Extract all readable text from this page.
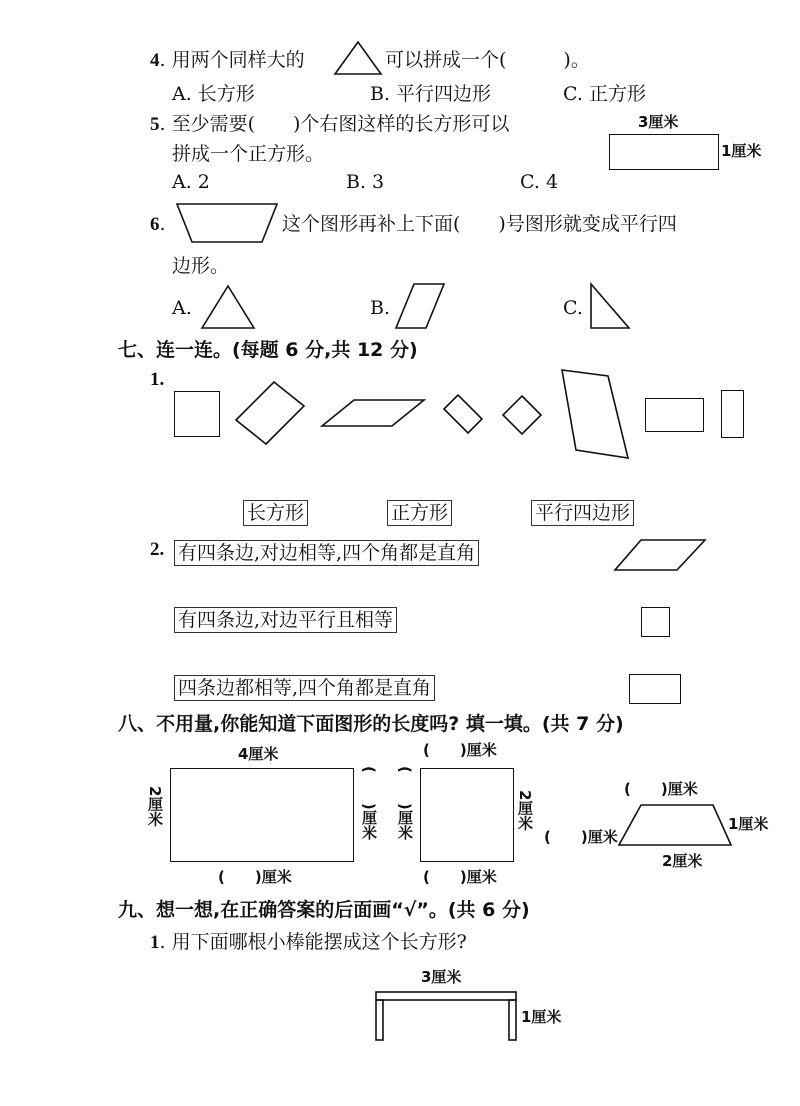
4. 用两个同样大的	可以拼成一个(　　　)。
A. 长方形	B. 平行四边形	C. 正方形
5. 至少需要(　　)个右图这样的长方形可以
拼成一个正方形。
3厘米
1厘米
A. 2	B. 3	C. 4
6.	这个图形再补上下面(　　)号图形就变成平行四
边形。
A.	B.	C.
七、连一连。(每题 6 分,共 12 分)
1.
长方形	正方形	平行四边形
2. 有四条边,对边相等,四个角都是直角
有四条边,对边平行且相等
四条边都相等,四个角都是直角
八、不用量,你能知道下面图形的长度吗? 填一填。(共 7 分)
4厘米
2厘米	(　　)厘米
(　　)厘米
(　　)厘米
(　　)厘米	2厘米
(　　)厘米
(　　)厘米
(　　)厘米
1厘米
2厘米
九、想一想,在正确答案的后面画“√”。(共 6 分)
1. 用下面哪根小棒能摆成这个长方形?
3厘米
1厘米
